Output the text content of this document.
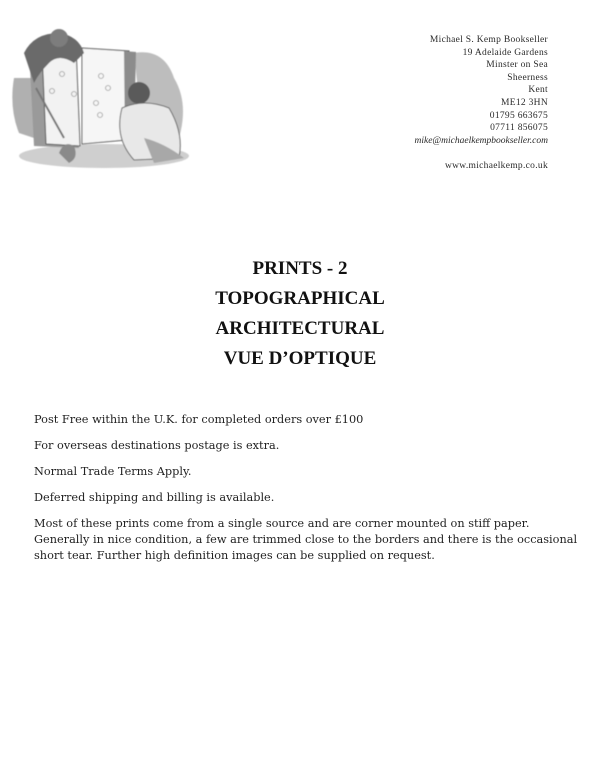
Michael S. Kemp Bookseller
19 Adelaide Gardens
Minster on Sea
Sheerness
Kent
ME12 3HN
01795 663675
07711 856075
mike@michaelkempbookseller.com
www.michaelkemp.co.uk
PRINTS - 2
TOPOGRAPHICAL
ARCHITECTURAL
VUE D’OPTIQUE

Post Free within the U.K. for completed orders over £100

For overseas destinations postage is extra.

Normal Trade Terms Apply.

Deferred shipping and billing is available.

Most of these prints come from a single source and are corner mounted on stiff paper. Generally in nice condition, a few are trimmed close to the borders and there is the occasional short tear. Further high definition images can be supplied on request.
